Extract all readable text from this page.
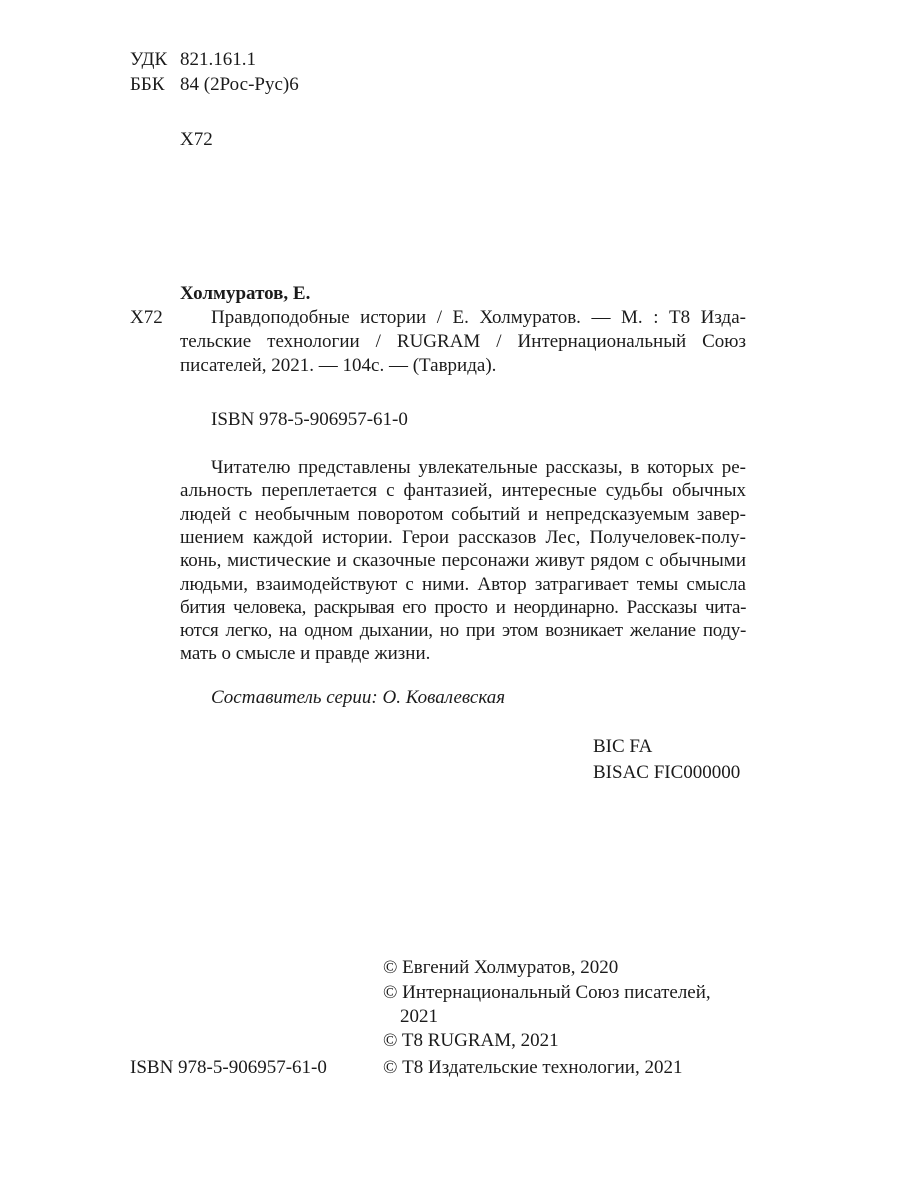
УДК 821.161.1
ББК 84 (2Рос-Рус)6
Х72
Холмуратов, Е.
Х72	Правдоподобные истории / Е. Холмуратов. — М. : Т8 Изда-
тельские технологии / RUGRAM / Интернациональный Союз
писателей, 2021. — 104с. — (Таврида).
ISBN 978-5-906957-61-0
Читателю представлены увлекательные рассказы, в которых ре-
альность переплетается с фантазией, интересные судьбы обычных
людей с необычным поворотом событий и непредсказуемым завер-
шением каждой истории. Герои рассказов Лес, Получеловек-полу-
конь, мистические и сказочные персонажи живут рядом с обычными
людьми, взаимодействуют с ними. Автор затрагивает темы смысла
бития человека, раскрывая его просто и неординарно. Рассказы чита-
ются легко, на одном дыхании, но при этом возникает желание поду-
мать о смысле и правде жизни.
Составитель серии: О. Ковалевская
BIC FA
BISAC FIC000000
© Евгений Холмуратов, 2020
© Интернациональный Союз писателей,
2021
© T8 RUGRAM, 2021
© Т8 Издательские технологии, 2021
ISBN 978-5-906957-61-0
